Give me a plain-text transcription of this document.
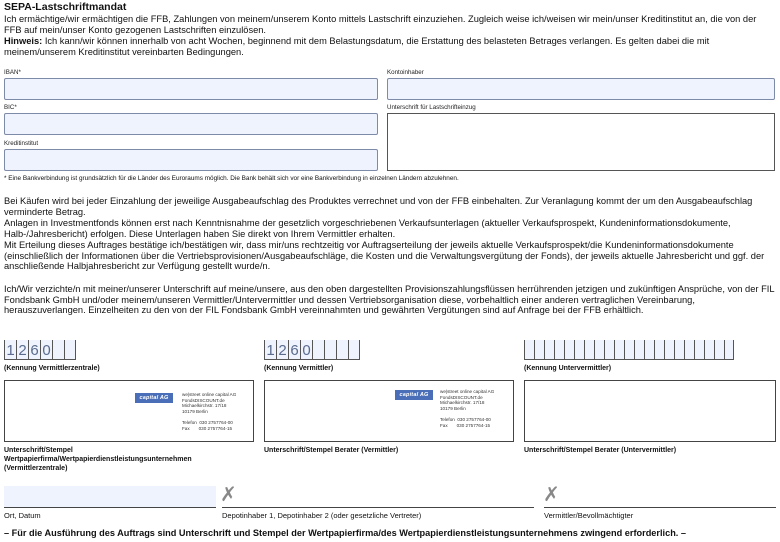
SEPA-Lastschriftmandat
Ich ermächtige/wir ermächtigen die FFB, Zahlungen von meinem/unserem Konto mittels Lastschrift einzuziehen. Zugleich weise ich/weisen wir mein/unser Kreditinstitut an, die von der FFB auf mein/unser Konto gezogenen Lastschriften einzulösen.
Hinweis: Ich kann/wir können innerhalb von acht Wochen, beginnend mit dem Belastungsdatum, die Erstattung des belasteten Betrages verlangen. Es gelten dabei die mit meinem/unserem Kreditinstitut vereinbarten Bedingungen.
IBAN*
BIC*
Kreditinstitut
Kontoinhaber
Unterschrift für Lastschrifteinzug
* Eine Bankverbindung ist grundsätzlich für die Länder des Euroraums möglich. Die Bank behält sich vor eine Bankverbindung in einzelnen Ländern abzulehnen.
Bei Käufen wird bei jeder Einzahlung der jeweilige Ausgabeaufschlag des Produktes verrechnet und von der FFB einbehalten. Zur Veranlagung kommt der um den Ausgabeaufschlag verminderte Betrag.
Anlagen in Investmentfonds können erst nach Kenntnisnahme der gesetzlich vorgeschriebenen Verkaufsunterlagen (aktueller Verkaufsprospekt, Kundeninformationsdokumente, Halb-/Jahresbericht) erfolgen. Diese Unterlagen haben Sie direkt von Ihrem Vermittler erhalten.
Mit Erteilung dieses Auftrages bestätige ich/bestätigen wir, dass mir/uns rechtzeitig vor Auftragserteilung der jeweils aktuelle Verkaufsprospekt/die Kundeninformationsdokumente (einschließlich der Informationen über die Vertriebsprovisionen/Ausgabeaufschläge, die Kosten und die Verwaltungsvergütung der Fonds), der jeweils aktuelle Jahresbericht und ggf. der anschließende Halbjahresbericht zur Verfügung gestellt wurde/n.
Ich/Wir verzichte/n mit meiner/unserer Unterschrift auf meine/unsere, aus den oben dargestellten Provisionszahlungsflüssen herrührenden jetzigen und zukünftigen Ansprüche, von der FIL Fondsbank GmbH und/oder meinem/unseren Vermittler/Untervermittler und dessen Vertriebsorganisation diese, vorbehaltlich einer anderen vertraglichen Vereinbarung, herauszuverlangen. Einzelheiten zu den von der FIL Fondsbank GmbH vereinnahmten und gewährten Vergütungen sind auf Anfrage bei der FFB erhältlich.
1 2 6 0
(Kennung Vermittlerzentrale)
1 2 6 0
(Kennung Vermittler)	(Kennung Untervermittler)
capital AG
we|street online capital AG
FondsDISCOUNT.de
Michaelkirchstr. 17/18
10179 Berlin

Telefon  030 2757764-00
Fax       030 2757764-15
capital AG
we|street online capital AG
FondsDISCOUNT.de
Michaelkirchstr. 17/18
10179 Berlin

Telefon  030 2757764-00
Fax       030 2757764-15
Unterschrift/Stempel Wertpapierfirma/Wertpapierdienstleistungsunternehmen (Vermittlerzentrale)
Unterschrift/Stempel Berater (Vermittler)	Unterschrift/Stempel Berater (Untervermittler)
Ort, Datum
✗
Depotinhaber 1, Depotinhaber 2 (oder gesetzliche Vertreter)
✗
Vermittler/Bevollmächtigter
– Für die Ausführung des Auftrags sind Unterschrift und Stempel der Wertpapierfirma/des Wertpapierdienstleistungsunternehmens zwingend erforderlich. –
